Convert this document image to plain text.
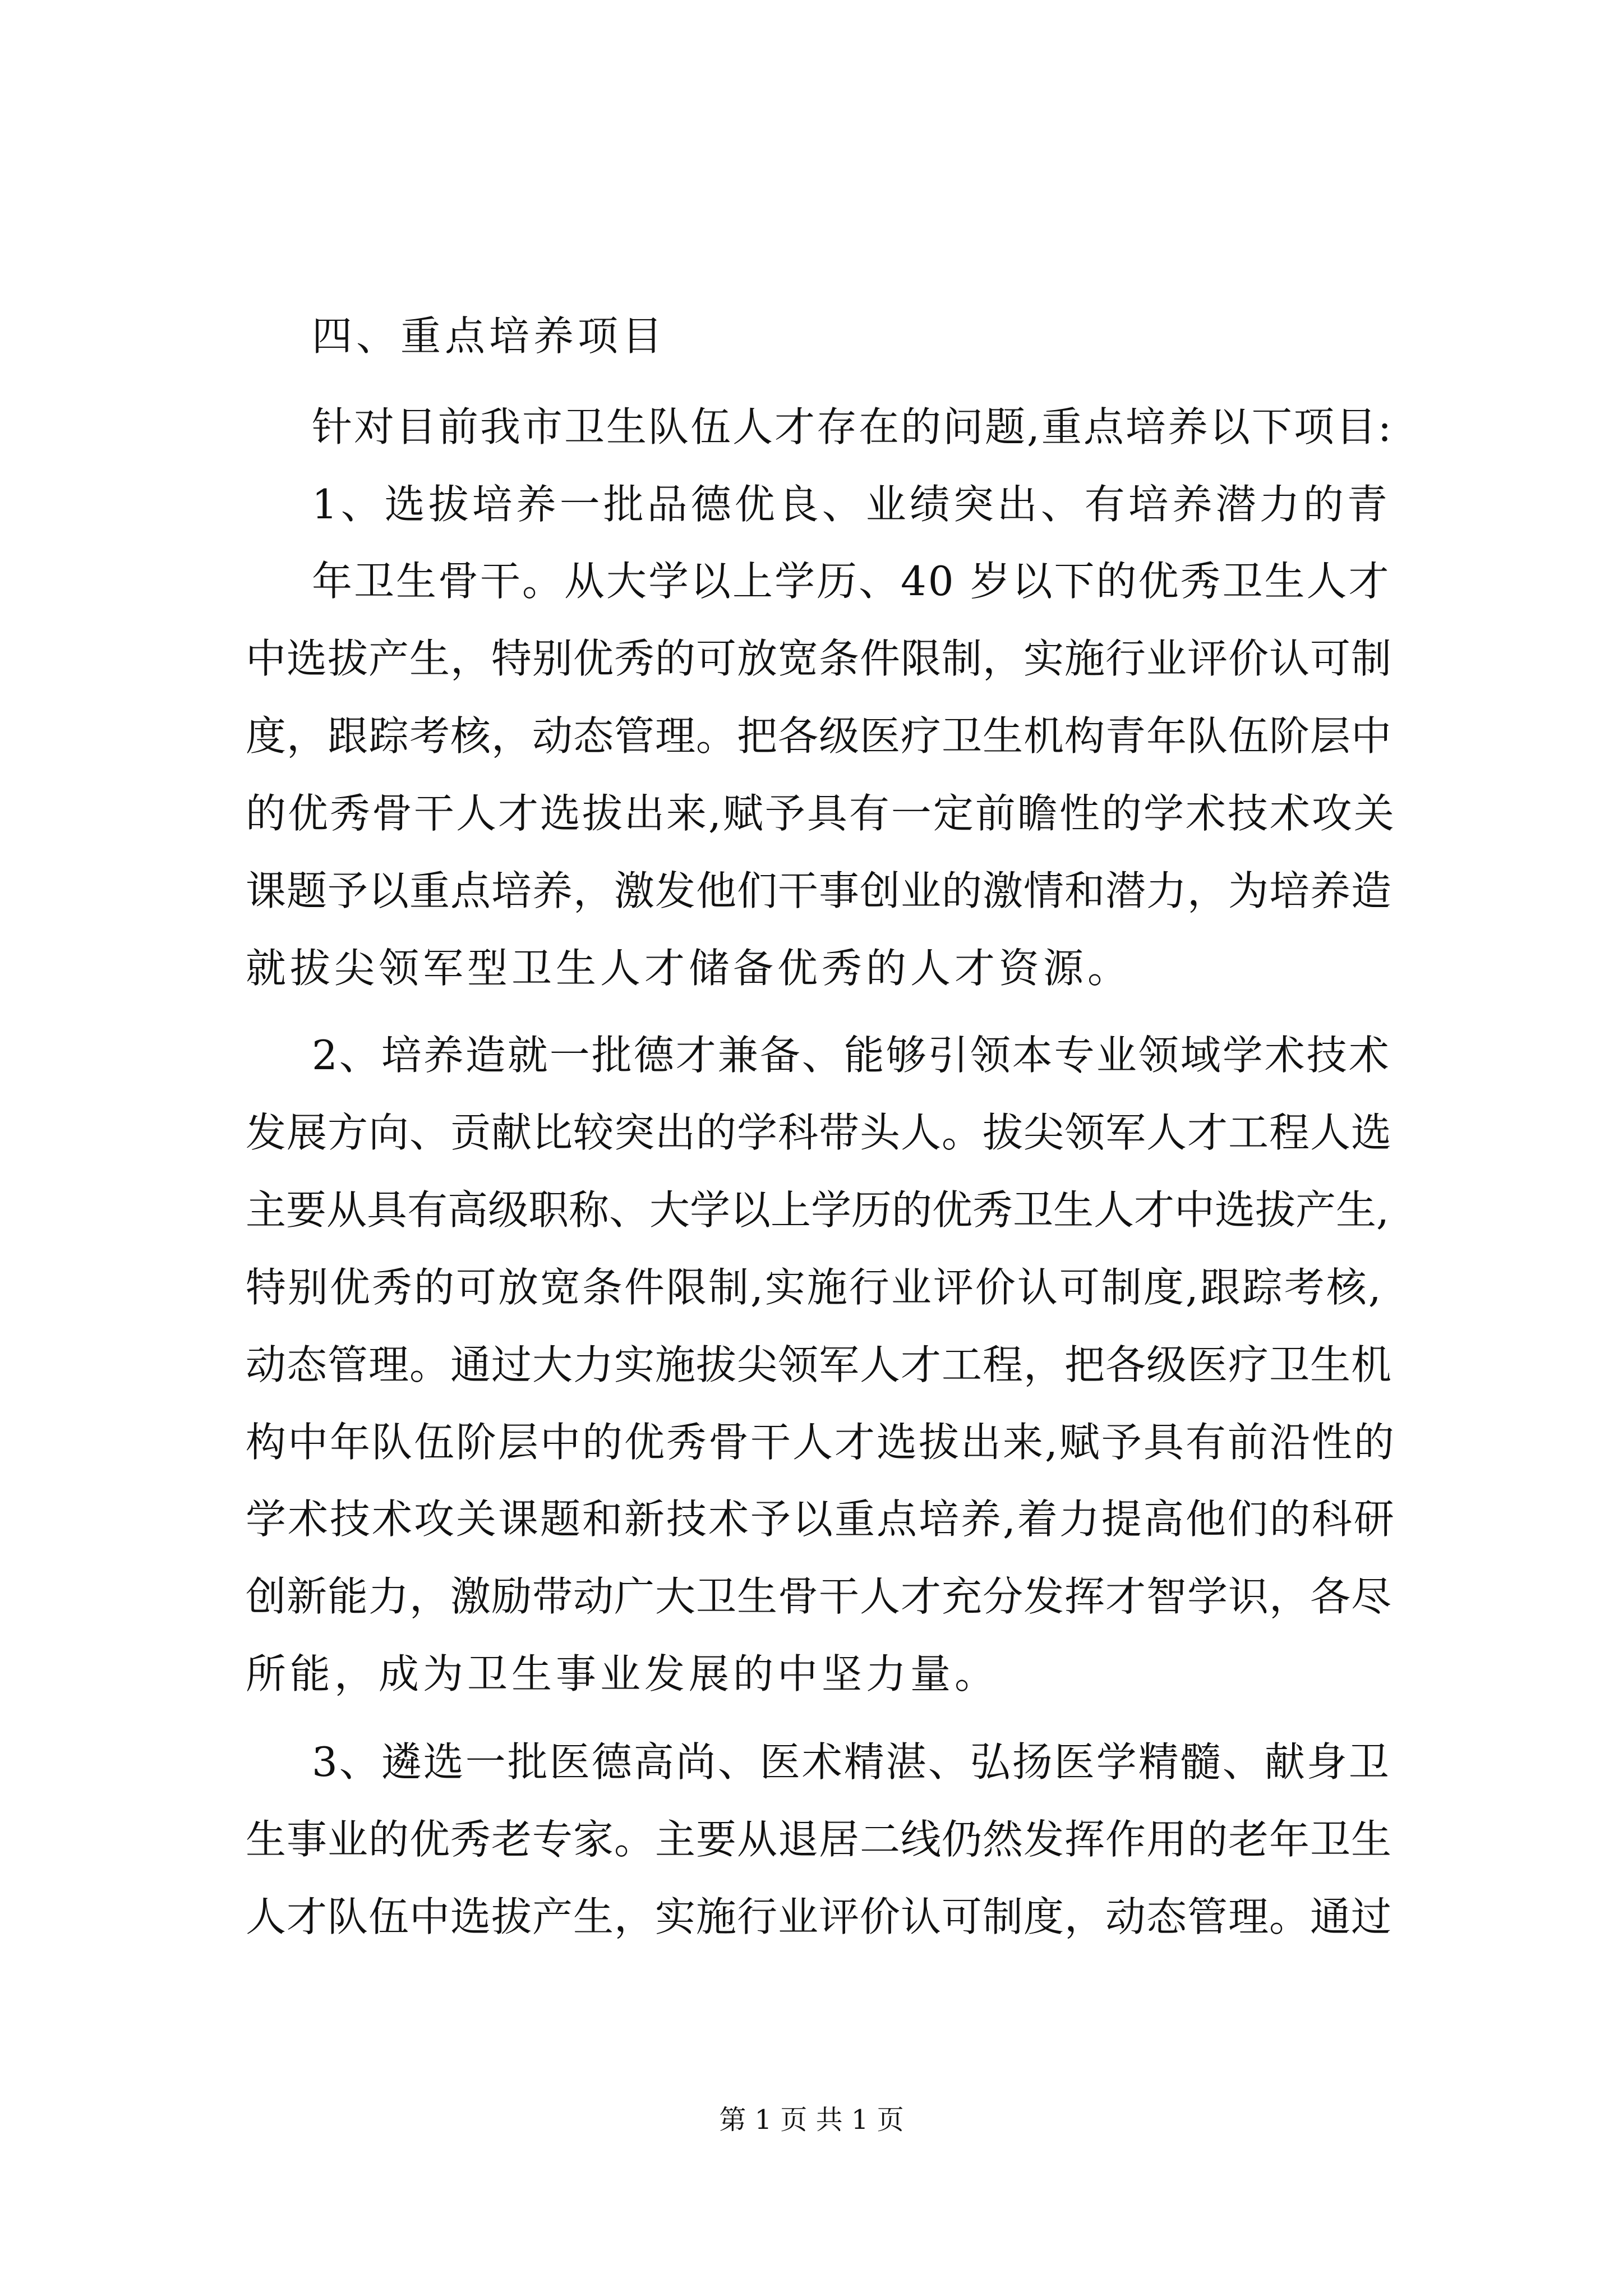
四、重点培养项目
针对目前我市卫生队伍人才存在的问题,重点培养以下项目:
1、选拔培养一批品德优良、业绩突出、有培养潜力的青
年卫生骨干。从大学以上学历、40 岁以下的优秀卫生人才
中选拔产生，特别优秀的可放宽条件限制，实施行业评价认可制
度，跟踪考核，动态管理。把各级医疗卫生机构青年队伍阶层中
的优秀骨干人才选拔出来,赋予具有一定前瞻性的学术技术攻关
课题予以重点培养，激发他们干事创业的激情和潜力，为培养造
就拔尖领军型卫生人才储备优秀的人才资源。
2、培养造就一批德才兼备、能够引领本专业领域学术技术
发展方向、贡献比较突出的学科带头人。拔尖领军人才工程人选
主要从具有高级职称、大学以上学历的优秀卫生人才中选拔产生,
特别优秀的可放宽条件限制,实施行业评价认可制度,跟踪考核,
动态管理。通过大力实施拔尖领军人才工程，把各级医疗卫生机
构中年队伍阶层中的优秀骨干人才选拔出来,赋予具有前沿性的
学术技术攻关课题和新技术予以重点培养,着力提高他们的科研
创新能力，激励带动广大卫生骨干人才充分发挥才智学识，各尽
所能，成为卫生事业发展的中坚力量。
3、遴选一批医德高尚、医术精湛、弘扬医学精髓、献身卫
生事业的优秀老专家。主要从退居二线仍然发挥作用的老年卫生
人才队伍中选拔产生，实施行业评价认可制度，动态管理。通过
第 1 页 共 1 页
